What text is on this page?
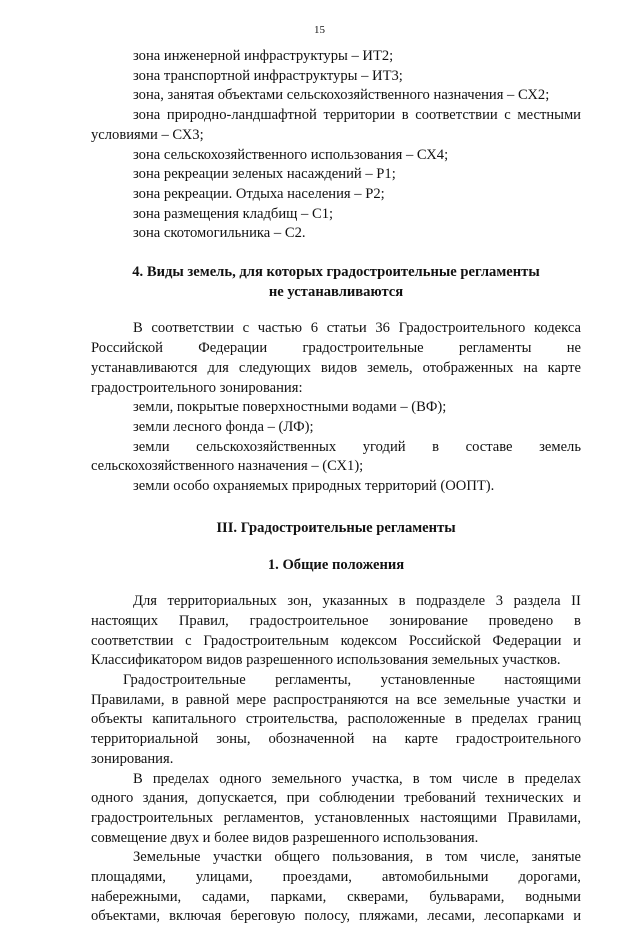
15
зона инженерной инфраструктуры – ИТ2;
зона транспортной инфраструктуры – ИТ3;
зона, занятая объектами сельскохозяйственного назначения – СХ2;
зона природно-ландшафтной территории в соответствии с местными
условиями – СХ3;
зона сельскохозяйственного использования – СХ4;
зона рекреации зеленых насаждений – Р1;
зона рекреации. Отдыха населения – Р2;
зона размещения кладбищ – С1;
зона скотомогильника – С2.
4. Виды земель, для которых градостроительные регламенты
не устанавливаются
В соответствии с частью 6 статьи 36 Градостроительного кодекса
Российской Федерации градостроительные регламенты не
устанавливаются для следующих видов земель, отображенных на карте
градостроительного зонирования:
земли, покрытые поверхностными водами – (ВФ);
земли лесного фонда – (ЛФ);
земли сельскохозяйственных угодий в составе земель
сельскохозяйственного назначения – (СХ1);
земли особо охраняемых природных территорий (ООПТ).
III. Градостроительные регламенты
1. Общие положения
Для территориальных зон, указанных в подразделе 3 раздела II
настоящих Правил, градостроительное зонирование проведено в
соответствии с Градостроительным кодексом Российской Федерации и
Классификатором видов разрешенного использования земельных участков.
Градостроительные регламенты, установленные настоящими
Правилами, в равной мере распространяются на все земельные участки и
объекты капитального строительства, расположенные в пределах границ
территориальной зоны, обозначенной на карте градостроительного
зонирования.
В пределах одного земельного участка, в том числе в пределах
одного здания, допускается, при соблюдении требований технических и
градостроительных регламентов, установленных настоящими Правилами,
совмещение двух и более видов разрешенного использования.
Земельные участки общего пользования, в том числе, занятые
площадями, улицами, проездами, автомобильными дорогами,
набережными, садами, парками, скверами, бульварами, водными
объектами, включая береговую полосу, пляжами, лесами, лесопарками и
